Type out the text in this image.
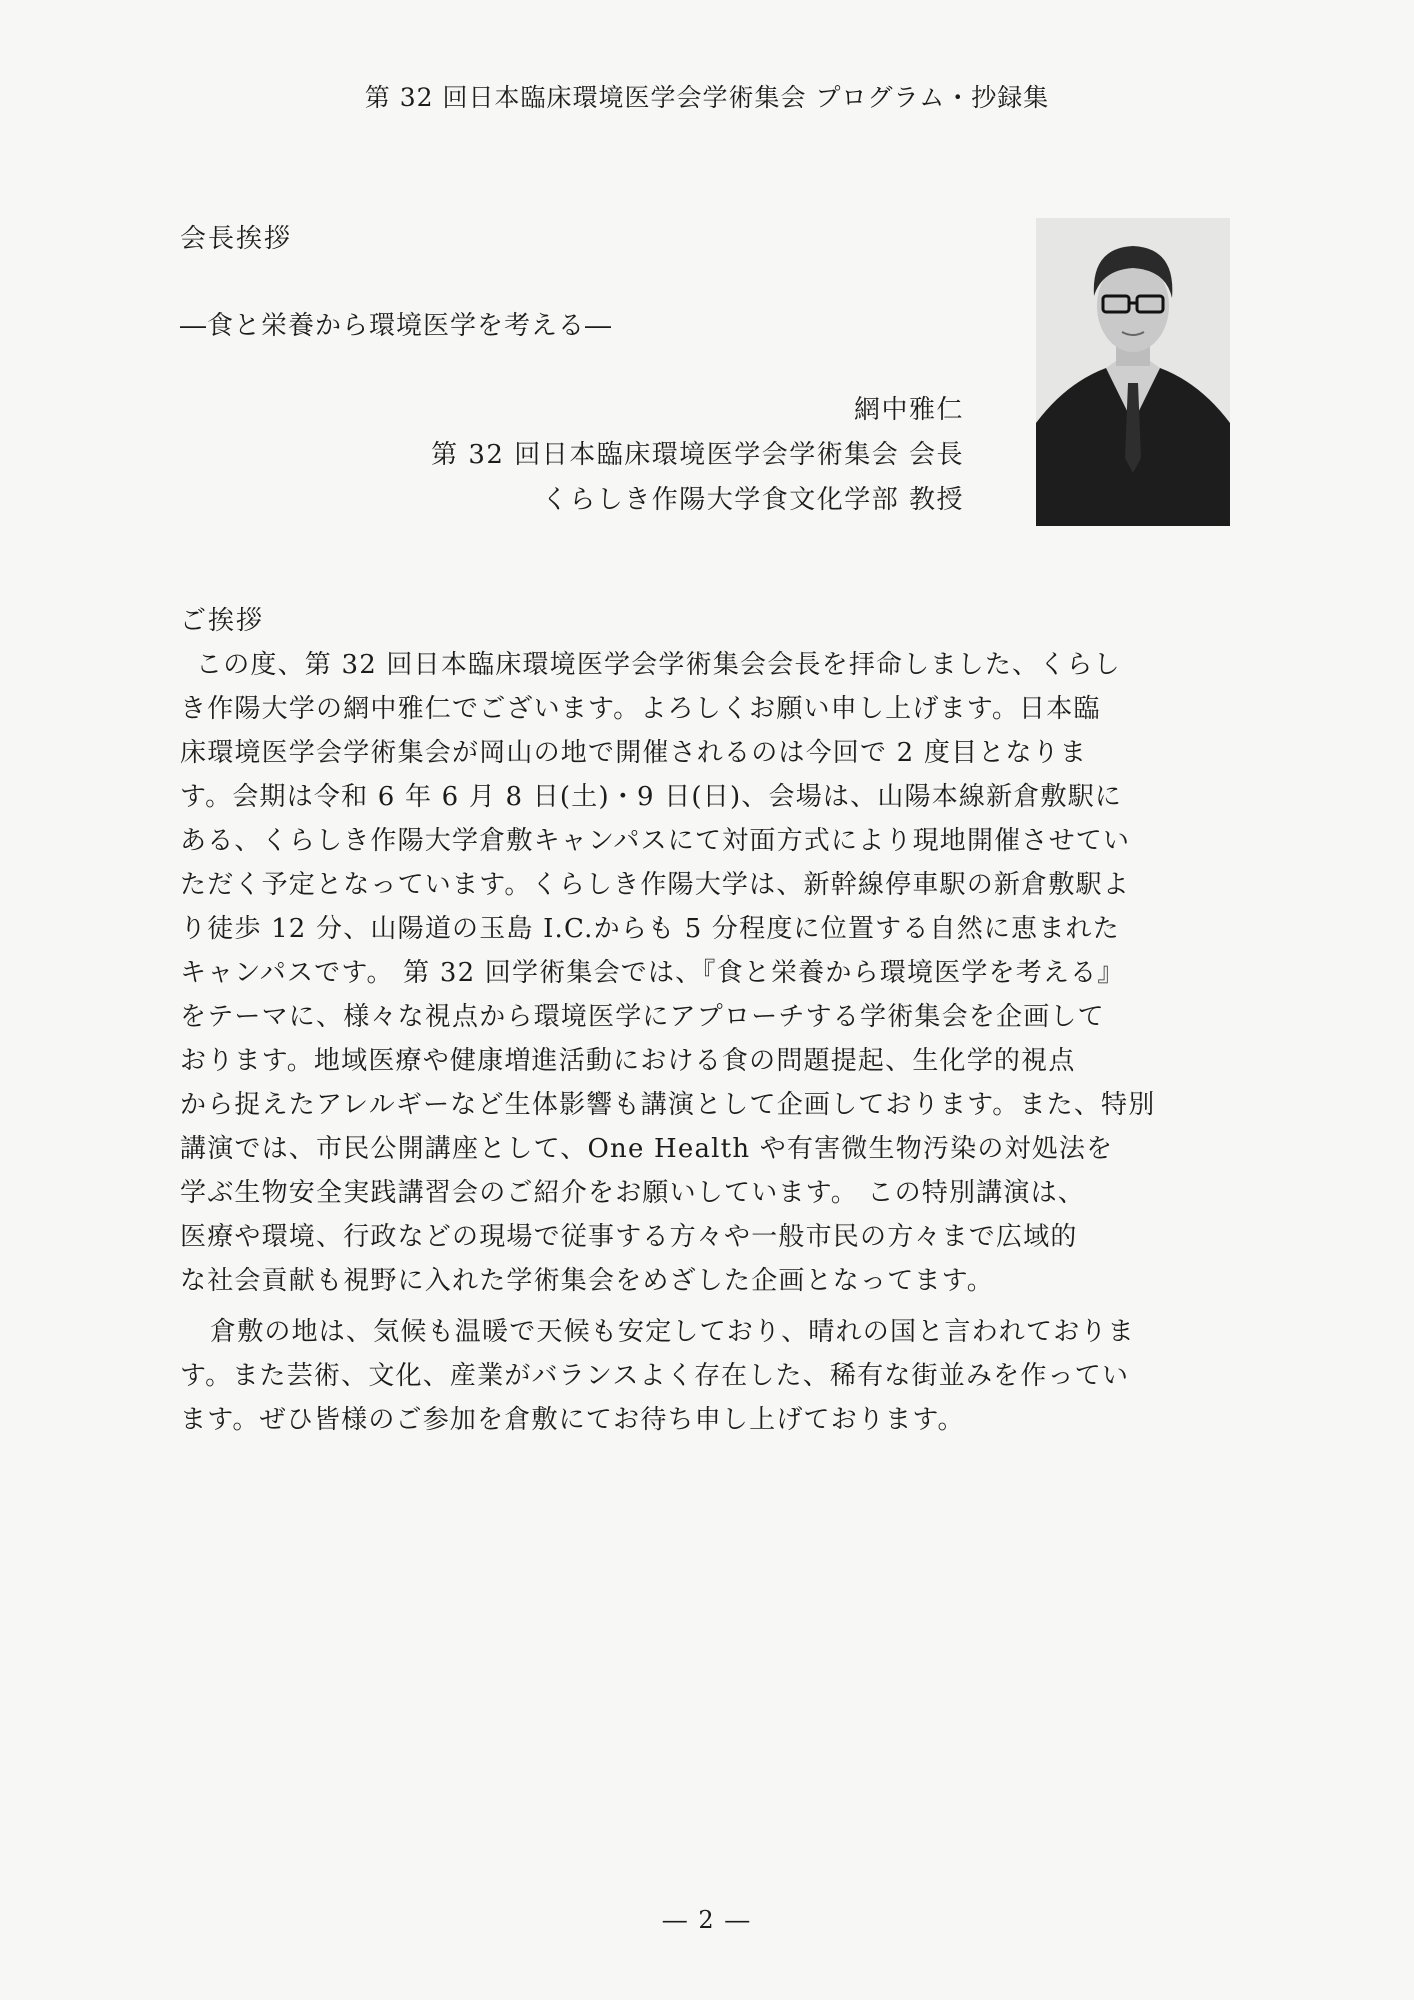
第 32 回日本臨床環境医学会学術集会 プログラム・抄録集
会長挨拶
―食と栄養から環境医学を考える―
網中雅仁
第 32 回日本臨床環境医学会学術集会 会長
くらしき作陽大学食文化学部 教授
ご挨拶
この度、第 32 回日本臨床環境医学会学術集会会長を拝命しました、くらし
き作陽大学の網中雅仁でございます。よろしくお願い申し上げます。日本臨
床環境医学会学術集会が岡山の地で開催されるのは今回で 2 度目となりま
す。会期は令和 6 年 6 月 8 日(土)・9 日(日)、会場は、山陽本線新倉敷駅に
ある、くらしき作陽大学倉敷キャンパスにて対面方式により現地開催させてい
ただく予定となっています。くらしき作陽大学は、新幹線停車駅の新倉敷駅よ
り徒歩 12 分、山陽道の玉島 I.C.からも 5 分程度に位置する自然に恵まれた
キャンパスです。 第 32 回学術集会では、『食と栄養から環境医学を考える』
をテーマに、様々な視点から環境医学にアプローチする学術集会を企画して
おります。地域医療や健康増進活動における食の問題提起、生化学的視点
から捉えたアレルギーなど生体影響も講演として企画しております。また、特別
講演では、市民公開講座として、One Health や有害微生物汚染の対処法を
学ぶ生物安全実践講習会のご紹介をお願いしています。 この特別講演は、
医療や環境、行政などの現場で従事する方々や一般市民の方々まで広域的
な社会貢献も視野に入れた学術集会をめざした企画となってます。
倉敷の地は、気候も温暖で天候も安定しており、晴れの国と言われておりま
す。また芸術、文化、産業がバランスよく存在した、稀有な街並みを作ってい
ます。ぜひ皆様のご参加を倉敷にてお待ち申し上げております。
― 2 ―
